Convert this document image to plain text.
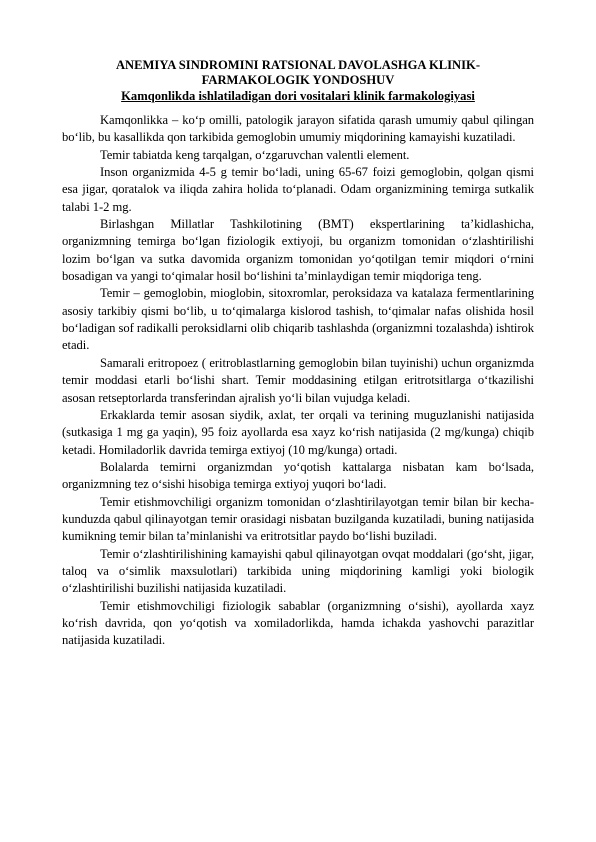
ANEMIYA SINDROMINI RATSIONAL DAVOLASHGA KLINIK-
FARMAKOLOGIK YONDOSHUV

Kamqonlikda ishlatiladigan dori vositalari klinik farmakologiyasi

Kamqonlikka – ko‘p omilli, patologik jarayon sifatida qarash umumiy qabul qilingan bo‘lib, bu kasallikda qon tarkibida gemoglobin umumiy miqdorining kamayishi kuzatiladi.

Temir tabiatda keng tarqalgan, o‘zgaruvchan valentli element.

Inson organizmida 4-5 g temir bo‘ladi, uning 65-67 foizi gemoglobin, qolgan qismi esa jigar, qoratalok va iliqda zahira holida to‘planadi. Odam organizmining temirga sutkalik talabi 1-2 mg.

Birlashgan Millatlar Tashkilotining (BMT) ekspertlarining ta’kidlashicha, organizmning temirga bo‘lgan fiziologik extiyoji, bu organizm tomonidan o‘zlashtirilishi lozim bo‘lgan va sutka davomida organizm tomonidan yo‘qotilgan temir miqdori o‘rnini bosadigan va yangi to‘qimalar hosil bo‘lishini ta’minlaydigan temir miqdoriga teng.

Temir – gemoglobin, mioglobin, sitoxromlar, peroksidaza va katalaza fermentlarining asosiy tarkibiy qismi bo‘lib, u to‘qimalarga kislorod tashish, to‘qimalar nafas olishida hosil bo‘ladigan sof radikalli peroksidlarni olib chiqarib tashlashda (organizmni tozalashda) ishtirok etadi.

Samarali eritropoez ( eritroblastlarning gemoglobin bilan tuyinishi) uchun organizmda temir moddasi etarli bo‘lishi shart. Temir moddasining etilgan eritrotsitlarga o‘tkazilishi asosan retseptorlarda transferindan ajralish yo‘li bilan vujudga keladi.

Erkaklarda temir asosan siydik, axlat, ter orqali va terining muguzlanishi natijasida (sutkasiga 1 mg ga yaqin), 95 foiz ayollarda esa xayz ko‘rish natijasida (2 mg/kunga) chiqib ketadi. Homiladorlik davrida temirga extiyoj (10 mg/kunga) ortadi.

Bolalarda temirni organizmdan yo‘qotish kattalarga nisbatan kam bo‘lsada, organizmning tez o‘sishi hisobiga temirga extiyoj yuqori bo‘ladi.

Temir etishmovchiligi organizm tomonidan o‘zlashtirilayotgan temir bilan bir kecha-kunduzda qabul qilinayotgan temir orasidagi nisbatan buzilganda kuzatiladi, buning natijasida kumikning temir bilan ta’minlanishi va eritrotsitlar paydo bo‘lishi buziladi.

Temir o‘zlashtirilishining kamayishi qabul qilinayotgan ovqat moddalari (go‘sht, jigar, taloq va o‘simlik maxsulotlari) tarkibida uning miqdorining kamligi yoki biologik o‘zlashtirilishi buzilishi natijasida kuzatiladi.

Temir etishmovchiligi fiziologik sabablar (organizmning o‘sishi), ayollarda xayz ko‘rish davrida, qon yo‘qotish va xomiladorlikda, hamda ichakda yashovchi parazitlar natijasida kuzatiladi.
